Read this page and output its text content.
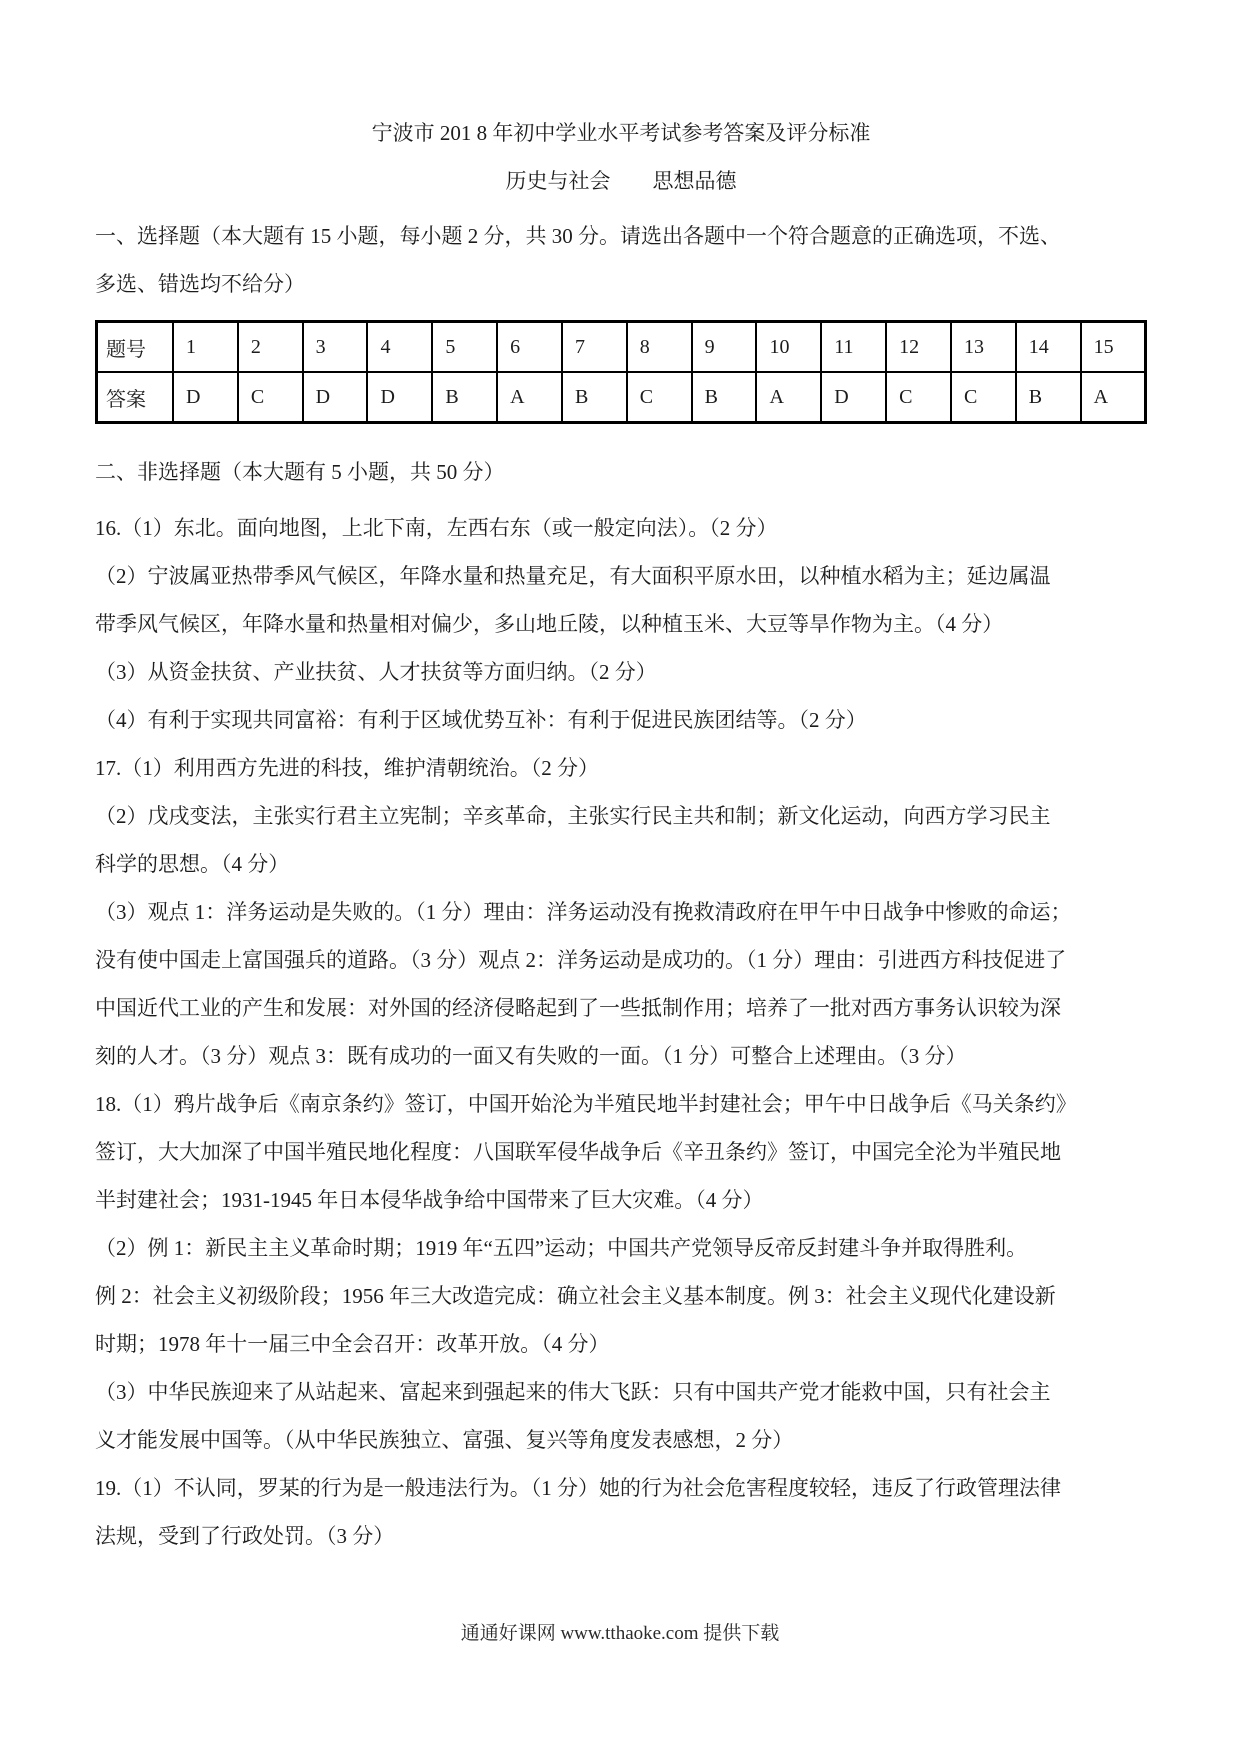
宁波市 201 8 年初中学业水平考试参考答案及评分标准
历史与社会　　思想品德
一、选择题（本大题有 15 小题，每小题 2 分，共 30 分。请选出各题中一个符合题意的正确选项，不选、
多选、错选均不给分）
题号	1	2	3	4	5	6	7	8	9	10	11	12	13	14	15
答案	D	C	D	D	B	A	B	C	B	A	D	C	C	B	A
二、非选择题（本大题有 5 小题，共 50 分）
16.（1）东北。面向地图，上北下南，左西右东（或一般定向法）。（2 分）
（2）宁波属亚热带季风气候区，年降水量和热量充足，有大面积平原水田，以种植水稻为主；延边属温
带季风气候区，年降水量和热量相对偏少，多山地丘陵，以种植玉米、大豆等旱作物为主。（4 分）
（3）从资金扶贫、产业扶贫、人才扶贫等方面归纳。（2 分）
（4）有利于实现共同富裕：有利于区域优势互补：有利于促进民族团结等。（2 分）
17.（1）利用西方先进的科技，维护清朝统治。（2 分）
（2）戊戌变法，主张实行君主立宪制；辛亥革命，主张实行民主共和制；新文化运动，向西方学习民主
科学的思想。（4 分）
（3）观点 1：洋务运动是失败的。（1 分）理由：洋务运动没有挽救清政府在甲午中日战争中惨败的命运；
没有使中国走上富国强兵的道路。（3 分）观点 2：洋务运动是成功的。（1 分）理由：引进西方科技促进了
中国近代工业的产生和发展：对外国的经济侵略起到了一些抵制作用；培养了一批对西方事务认识较为深
刻的人才。（3 分）观点 3：既有成功的一面又有失败的一面。（1 分）可整合上述理由。（3 分）
18.（1）鸦片战争后《南京条约》签订，中国开始沦为半殖民地半封建社会；甲午中日战争后《马关条约》
签订，大大加深了中国半殖民地化程度：八国联军侵华战争后《辛丑条约》签订，中国完全沦为半殖民地
半封建社会；1931-1945 年日本侵华战争给中国带来了巨大灾难。（4 分）
（2）例 1：新民主主义革命时期；1919 年“五四”运动；中国共产党领导反帝反封建斗争并取得胜利。
例 2：社会主义初级阶段；1956 年三大改造完成：确立社会主义基本制度。例 3：社会主义现代化建设新
时期；1978 年十一届三中全会召开：改革开放。（4 分）
（3）中华民族迎来了从站起来、富起来到强起来的伟大飞跃：只有中国共产党才能救中国，只有社会主
义才能发展中国等。（从中华民族独立、富强、复兴等角度发表感想，2 分）
19.（1）不认同，罗某的行为是一般违法行为。（1 分）她的行为社会危害程度较轻，违反了行政管理法律
法规，受到了行政处罚。（3 分）
通通好课网 www.tthaoke.com 提供下载
